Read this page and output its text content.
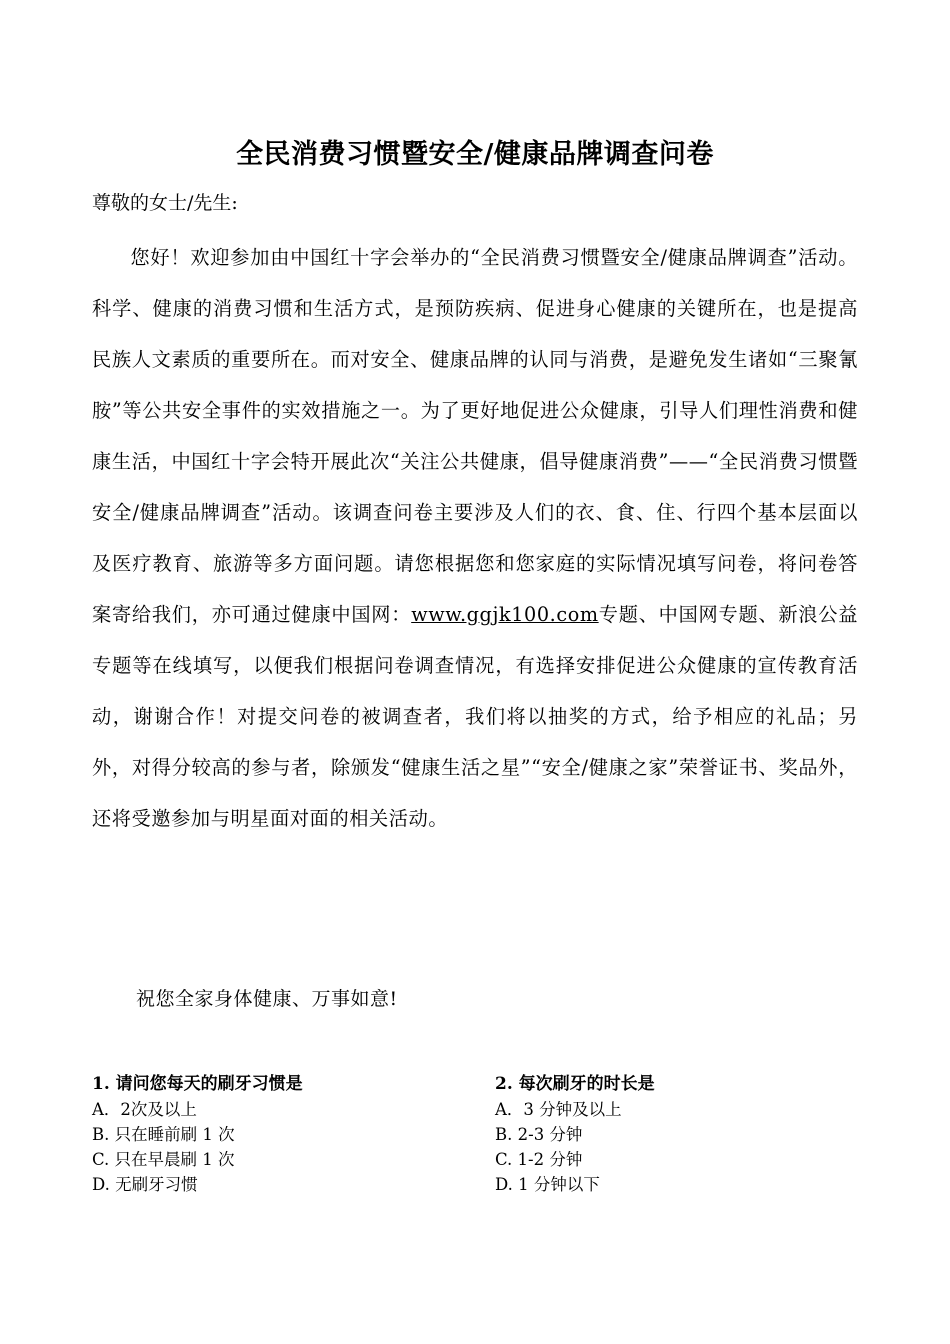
全民消费习惯暨安全/健康品牌调查问卷

尊敬的女士/先生:

您好！欢迎参加由中国红十字会举办的“全民消费习惯暨安全/健康品牌调查”活动。科学、健康的消费习惯和生活方式，是预防疾病、促进身心健康的关键所在，也是提高民族人文素质的重要所在。而对安全、健康品牌的认同与消费，是避免发生诸如“三聚氰胺”等公共安全事件的实效措施之一。为了更好地促进公众健康，引导人们理性消费和健康生活，中国红十字会特开展此次“关注公共健康，倡导健康消费”——“全民消费习惯暨安全/健康品牌调查”活动。该调查问卷主要涉及人们的衣、食、住、行四个基本层面以及医疗教育、旅游等多方面问题。请您根据您和您家庭的实际情况填写问卷，将问卷答案寄给我们，亦可通过健康中国网：www.ggjk100.com专题、中国网专题、新浪公益专题等在线填写，以便我们根据问卷调查情况，有选择安排促进公众健康的宣传教育活动，谢谢合作！对提交问卷的被调查者，我们将以抽奖的方式，给予相应的礼品；另外，对得分较高的参与者，除颁发“健康生活之星”“安全/健康之家”荣誉证书、奖品外，还将受邀参加与明星面对面的相关活动。

祝您全家身体健康、万事如意!

1. 请问您每天的刷牙习惯是

A．2次及以上

B. 只在睡前刷 1 次

C. 只在早晨刷 1 次

D. 无刷牙习惯

2. 每次刷牙的时长是

A．3 分钟及以上

B. 2-3 分钟

C. 1-2 分钟

D. 1 分钟以下
